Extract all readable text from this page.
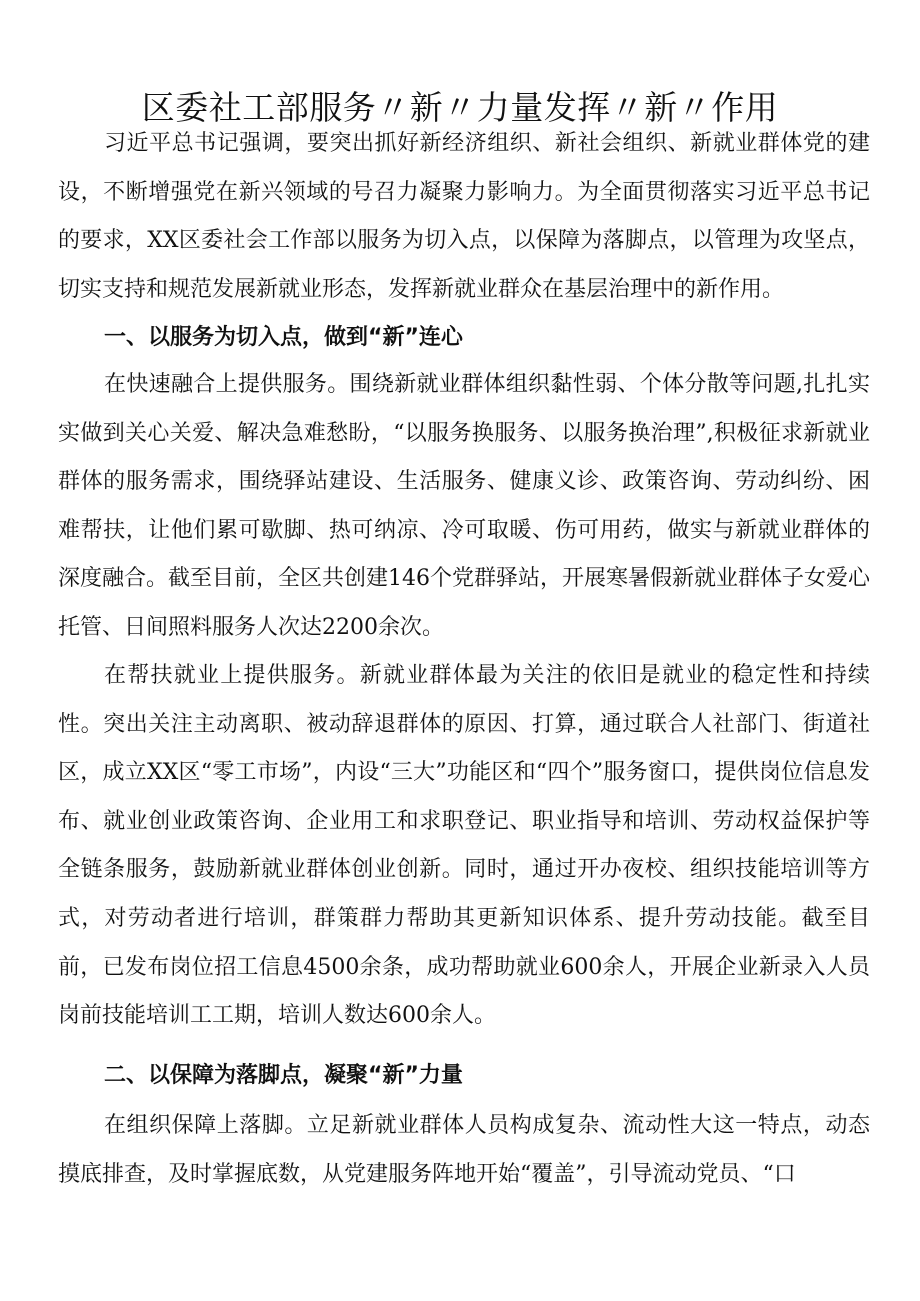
区委社工部服务〃新〃力量发挥〃新〃作用

习近平总书记强调，要突出抓好新经济组织、新社会组织、新就业群体党的建设，不断增强党在新兴领域的号召力凝聚力影响力。为全面贯彻落实习近平总书记的要求，XX区委社会工作部以服务为切入点，以保障为落脚点，以管理为攻坚点，切实支持和规范发展新就业形态，发挥新就业群众在基层治理中的新作用。

一、以服务为切入点，做到“新”连心

在快速融合上提供服务。围绕新就业群体组织黏性弱、个体分散等问题,扎扎实实做到关心关爱、解决急难愁盼，“以服务换服务、以服务换治理”,积极征求新就业群体的服务需求，围绕驿站建设、生活服务、健康义诊、政策咨询、劳动纠纷、困难帮扶，让他们累可歇脚、热可纳凉、冷可取暖、伤可用药，做实与新就业群体的深度融合。截至目前，全区共创建146个党群驿站，开展寒暑假新就业群体子女爱心托管、日间照料服务人次达2200余次。

在帮扶就业上提供服务。新就业群体最为关注的依旧是就业的稳定性和持续性。突出关注主动离职、被动辞退群体的原因、打算，通过联合人社部门、街道社区，成立XX区“零工市场”，内设“三大”功能区和“四个”服务窗口，提供岗位信息发布、就业创业政策咨询、企业用工和求职登记、职业指导和培训、劳动权益保护等全链条服务，鼓励新就业群体创业创新。同时，通过开办夜校、组织技能培训等方式，对劳动者进行培训，群策群力帮助其更新知识体系、提升劳动技能。截至目前，已发布岗位招工信息4500余条，成功帮助就业600余人，开展企业新录入人员岗前技能培训工工期，培训人数达600余人。

二、以保障为落脚点，凝聚“新”力量

在组织保障上落脚。立足新就业群体人员构成复杂、流动性大这一特点，动态摸底排查，及时掌握底数，从党建服务阵地开始“覆盖”，引导流动党员、“口
